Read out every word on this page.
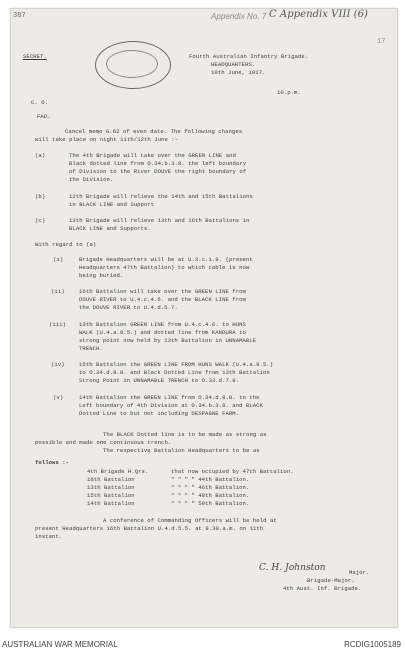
387	Appendix No. 7 C Appendix VIII (6)
17
SECRET.	Fourth Australian Infantry Brigade.
HEADQUARTERS.
10th June, 1917.
10.p.m.
C. O.
FAD.
Cancel memo G.62 of even date. The following changes
will take place on night 11th/12th June :-
(a)	The 4th Brigade will take over the GREEN LINE and
Black dotted line from O.34.b.3.8. the left boundary
of Division to the River DOUVE the right boundary of
the Division.
(b)	12th Brigade will relieve the 14th and 15th Battalions
in BLACK LINE and Support
(c)	13th Brigade will relieve 13th and 16th Battalions in
BLACK LINE and Supports.
With regard to (a)
(i)	Brigade Headquarters will be at U.3.c.1.9. (present
Headquarters 47th Battalion) to which cable is now
being buried.
(ii)	16th Battalion will take over the GREEN LINE from
DOUVE RIVER to U.4.c.4.6. and the BLACK LINE from
the DOUVE RIVER to U.4.d.5.7.
(iii) 13th Battalion GREEN LINE from U.4.c.4.6. to HUNS
WALK (U.4.a.9.5.) and dotted line from KANDURA to
strong point now held by 13th Battalion in UNNAMABLE
TRENCH.
(iv)	15th Battalion the GREEN LINE FROM HUNS WALK (U.4.a.9.5.)
to O.34.d.8.8. and Black Dotted Line from 13th Battalion
Strong Point in UNNAMABLE TRENCH to O.33.d.7.8.
(v)	14th Battalion the GREEN LINE from O.34.d.8.8. to the
Left boundary of 4th Division at O.34.b.3.8. and BLACK
Dotted Line to but not including DESPAGNE FARM.
The BLACK Dotted line is to be made as strong as
possible and made one continuous trench.
The respective Battalion Headquarters to be as
follows :-
4th Brigade H.Qrs.	that now occupied by 47th Battalion.
16th Battalion	" " " " 44th Battalion.
13th Battalion	" " " " 46th Battalion.
15th Battalion	" " " " 48th Battalion.
14th Battalion	" " " " 50th Battalion.
A conference of Commanding Officers will be held at
present Headquarters 16th Battalion U.4.d.5.5. at 9.30.a.m. on 11th
instant.
C. H. Johnston	Major.
Brigade-Major.
4th Aust. Inf. Brigade.
AUSTRALIAN WAR MEMORIAL	RCDIG1005189
